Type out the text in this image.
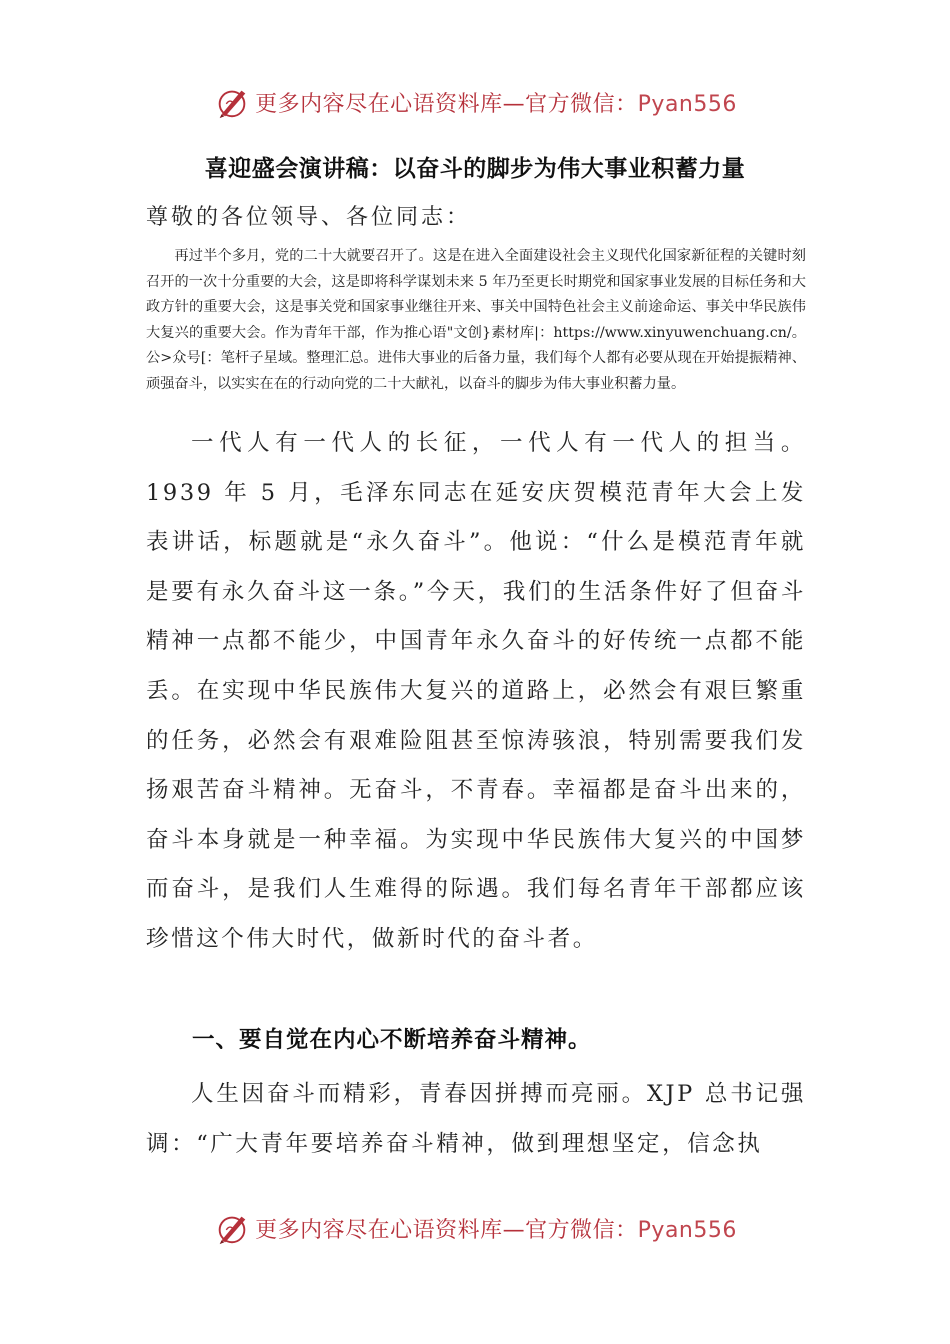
更多内容尽在心语资料库—官方微信：Pyan556
喜迎盛会演讲稿：以奋斗的脚步为伟大事业积蓄力量
尊敬的各位领导、各位同志：
再过半个多月，党的二十大就要召开了。这是在进入全面建设社会主义现代化国家新征程的关键时刻召开的一次十分重要的大会，这是即将科学谋划未来 5 年乃至更长时期党和国家事业发展的目标任务和大政方针的重要大会，这是事关党和国家事业继往开来、事关中国特色社会主义前途命运、事关中华民族伟大复兴的重要大会。作为青年干部，作为推心语"文创}素材库|：https://www.xinyuwenchuang.cn/。公>众号[：笔杆子星域。整理汇总。进伟大事业的后备力量，我们每个人都有必要从现在开始提振精神、顽强奋斗，以实实在在的行动向党的二十大献礼，以奋斗的脚步为伟大事业积蓄力量。

一代人有一代人的长征，一代人有一代人的担当。1939 年 5 月，毛泽东同志在延安庆贺模范青年大会上发表讲话，标题就是“永久奋斗”。他说：“什么是模范青年就是要有永久奋斗这一条。”今天，我们的生活条件好了但奋斗精神一点都不能少，中国青年永久奋斗的好传统一点都不能丢。在实现中华民族伟大复兴的道路上，必然会有艰巨繁重的任务，必然会有艰难险阻甚至惊涛骇浪，特别需要我们发扬艰苦奋斗精神。无奋斗，不青春。幸福都是奋斗出来的，奋斗本身就是一种幸福。为实现中华民族伟大复兴的中国梦而奋斗，是我们人生难得的际遇。我们每名青年干部都应该珍惜这个伟大时代，做新时代的奋斗者。

一、要自觉在内心不断培养奋斗精神。

人生因奋斗而精彩，青春因拼搏而亮丽。XJP 总书记强调：“广大青年要培养奋斗精神，做到理想坚定，信念执

更多内容尽在心语资料库—官方微信：Pyan556
